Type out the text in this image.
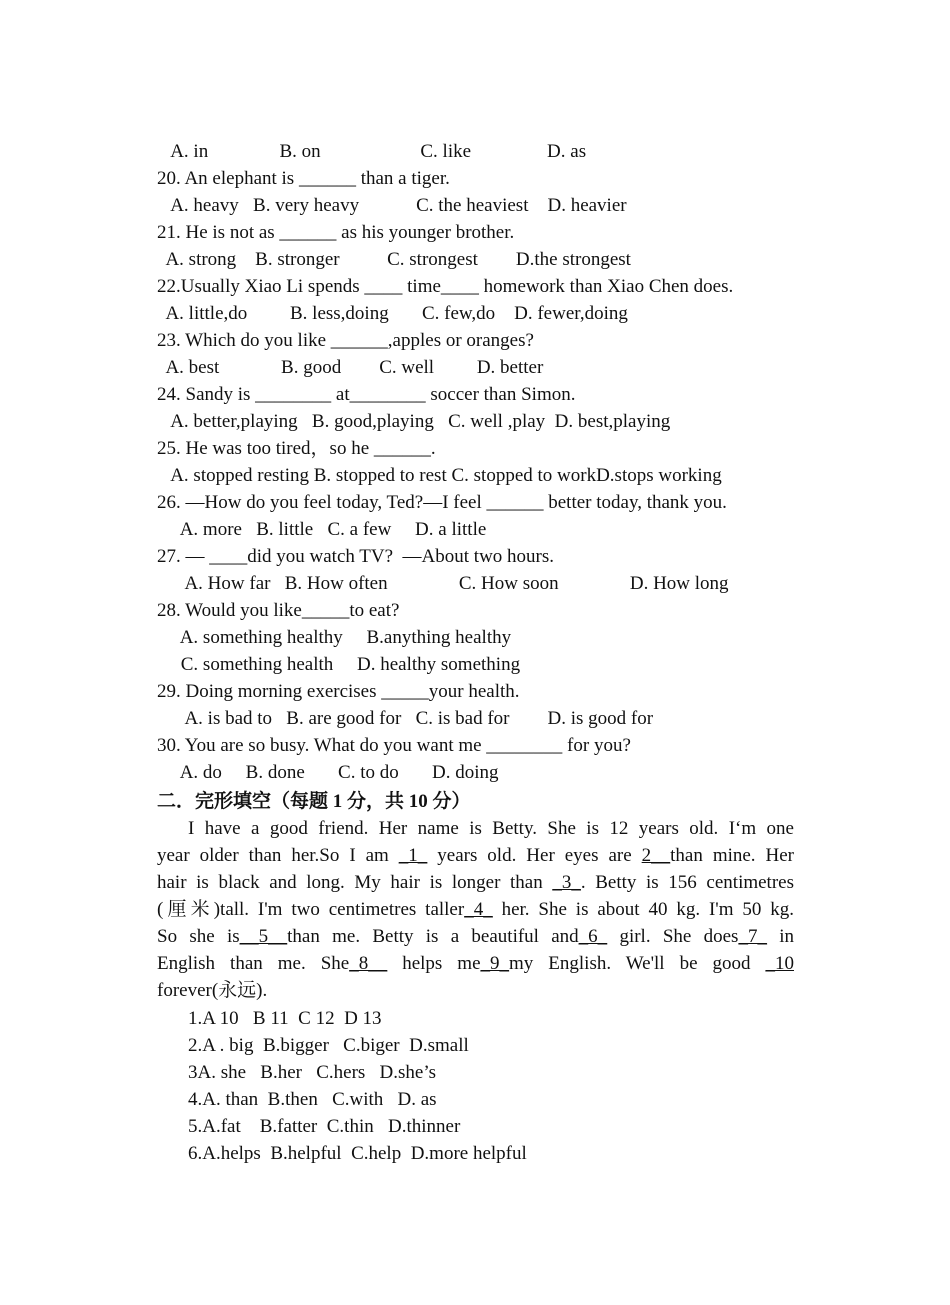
A. in               B. on                     C. like                D. as
20. An elephant is ______ than a tiger.
A. heavy   B. very heavy            C. the heaviest    D. heavier
21. He is not as ______ as his younger brother.
A. strong    B. stronger          C. strongest        D.the strongest
22.Usually Xiao Li spends ____ time____ homework than Xiao Chen does.
A. little,do         B. less,doing       C. few,do    D. fewer,doing
23. Which do you like ______,apples or oranges?
A. best             B. good        C. well         D. better
24. Sandy is ________ at________ soccer than Simon.
A. better,playing   B. good,playing   C. well ,play  D. best,playing
25. He was too tired，so he ______.
A. stopped resting B. stopped to rest C. stopped to workD.stops working
26. —How do you feel today, Ted?—I feel ______ better today, thank you.
A. more   B. little   C. a few     D. a little
27. — ____did you watch TV?  —About two hours.
A. How far   B. How often               C. How soon               D. How long
28. Would you like_____to eat?
A. something healthy     B.anything healthy
C. something health     D. healthy something
29. Doing morning exercises _____your health.
A. is bad to   B. are good for   C. is bad for        D. is good for
30. You are so busy. What do you want me ________ for you?
A. do     B. done       C. to do       D. doing
二．完形填空（每题 1 分，共 10 分）
I have a good friend. Her name is Betty. She is 12 years old. I‘m one
year older than her.So I am _1_ years old. Her eyes are 2__than mine. Her
hair is black and long. My hair is longer than _3_. Betty is 156 centimetres
(厘米)tall. I'm two centimetres taller_4_ her. She is about 40 kg. I'm 50 kg.
So she is__5__than me. Betty is a beautiful and_6_ girl. She does_7_ in
English than me. She_8__ helps me_9_my English. We'll be good _10
forever(永远).
1.A 10   B 11  C 12  D 13
2.A . big  B.bigger   C.biger  D.small
3A. she   B.her   C.hers   D.she’s
4.A. than  B.then   C.with   D. as
5.A.fat    B.fatter  C.thin   D.thinner
6.A.helps  B.helpful  C.help  D.more helpful
